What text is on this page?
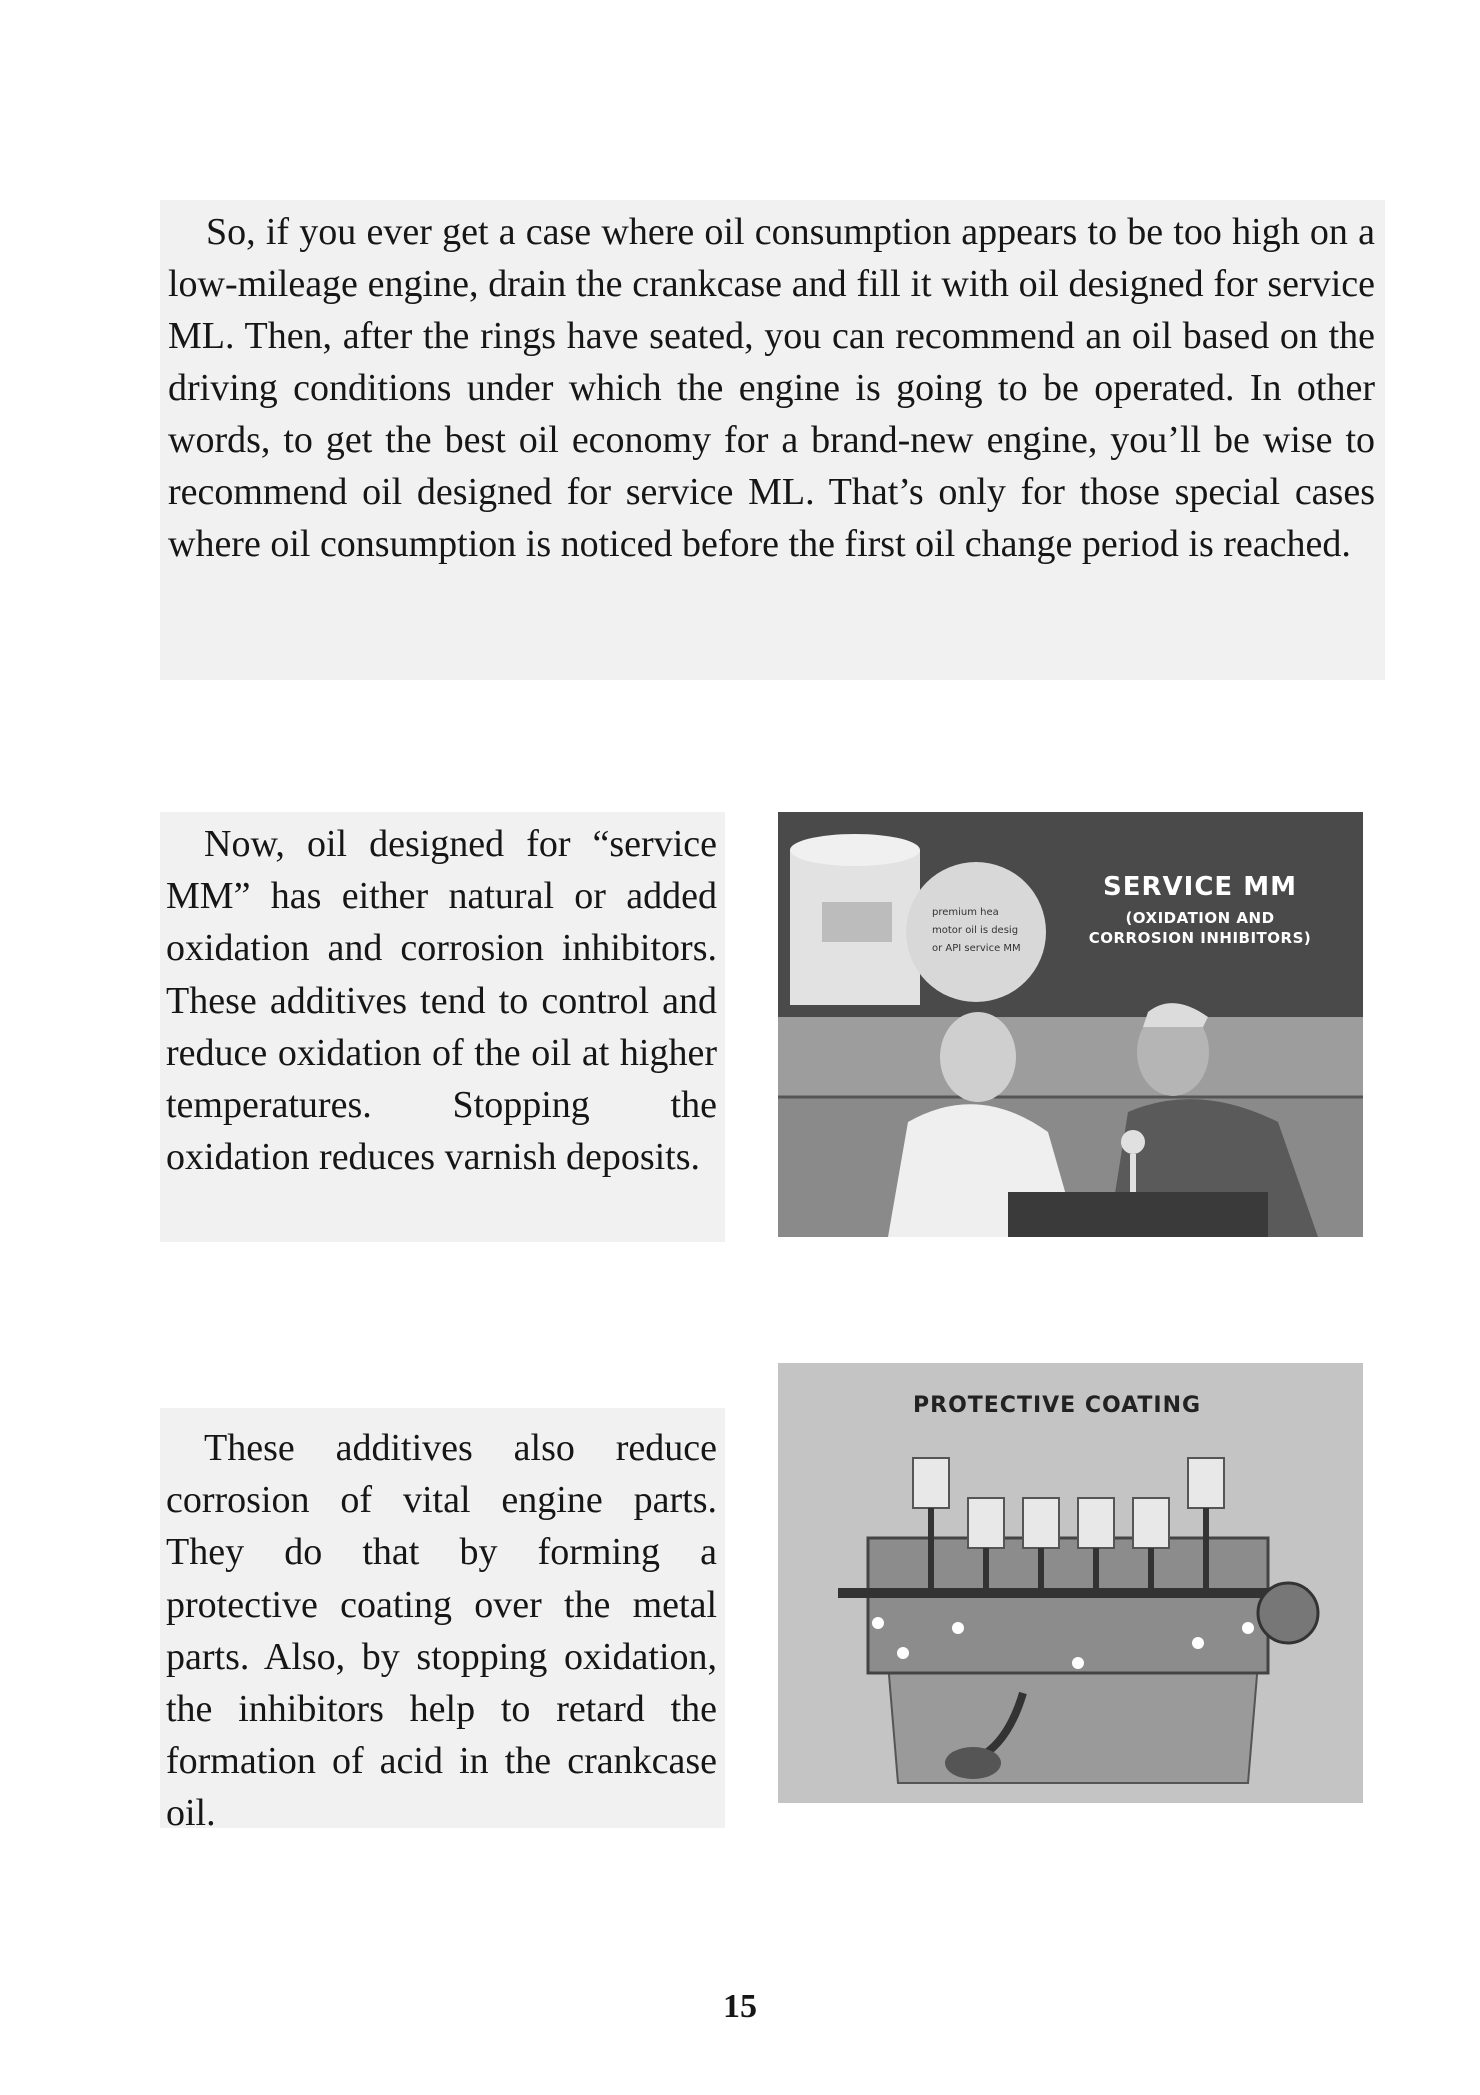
So, if you ever get a case where oil consumption appears to be too high on a low-mileage engine, drain the crankcase and fill it with oil designed for service ML. Then, after the rings have seated, you can recommend an oil based on the driving conditions under which the engine is going to be operated. In other words, to get the best oil economy for a brand-new engine, you’ll be wise to recommend oil designed for service ML. That’s only for those special cases where oil consumption is noticed before the first oil change period is reached.

Now, oil designed for “service MM” has either natural or added oxidation and corrosion inhibitors. These additives tend to control and reduce oxidation of the oil at higher temperatures. Stopping the oxidation reduces varnish deposits.

premium hea
motor oil is desig
or API service MM
SERVICE MM
(OXIDATION AND
CORROSION INHIBITORS)

These additives also reduce corrosion of vital engine parts. They do that by forming a protective coating over the metal parts. Also, by stopping oxidation, the inhibitors help to retard the formation of acid in the crankcase oil.

PROTECTIVE COATING
15
